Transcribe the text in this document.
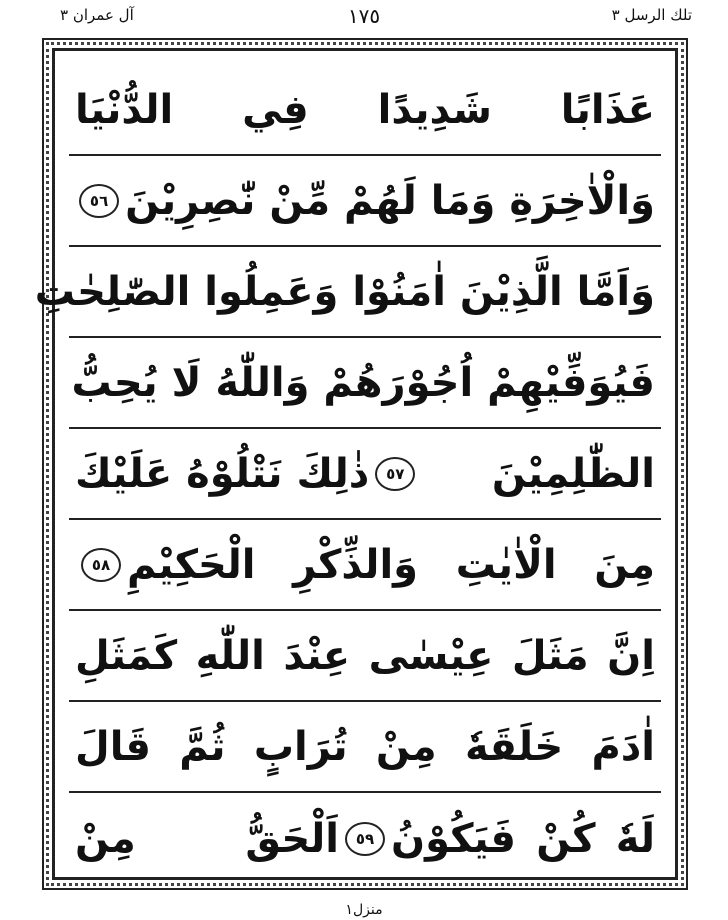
تلك الرسل ٣
١٧٥
آل عمران ٣
عَذَابًا شَدِيدًا فِي الدُّنْيَا
وَالْاٰخِرَةِ وَمَا لَهُمْ مِّنْ نّٰصِرِيْنَ
٥٦
وَاَمَّا الَّذِيْنَ اٰمَنُوْا وَعَمِلُوا الصّٰلِحٰتِ
فَيُوَفِّيْهِمْ اُجُوْرَهُمْ وَاللّٰهُ لَا يُحِبُّ
الظّٰلِمِيْنَ
٥٧
ذٰلِكَ نَتْلُوْهُ عَلَيْكَ
مِنَ الْاٰيٰتِ وَالذِّكْرِ الْحَكِيْمِ
٥٨
اِنَّ مَثَلَ عِيْسٰى عِنْدَ اللّٰهِ كَمَثَلِ
اٰدَمَ خَلَقَهٗ مِنْ تُرَابٍ ثُمَّ قَالَ
لَهٗ كُنْ فَيَكُوْنُ
٥٩
اَلْحَقُّ مِنْ
منزل١
